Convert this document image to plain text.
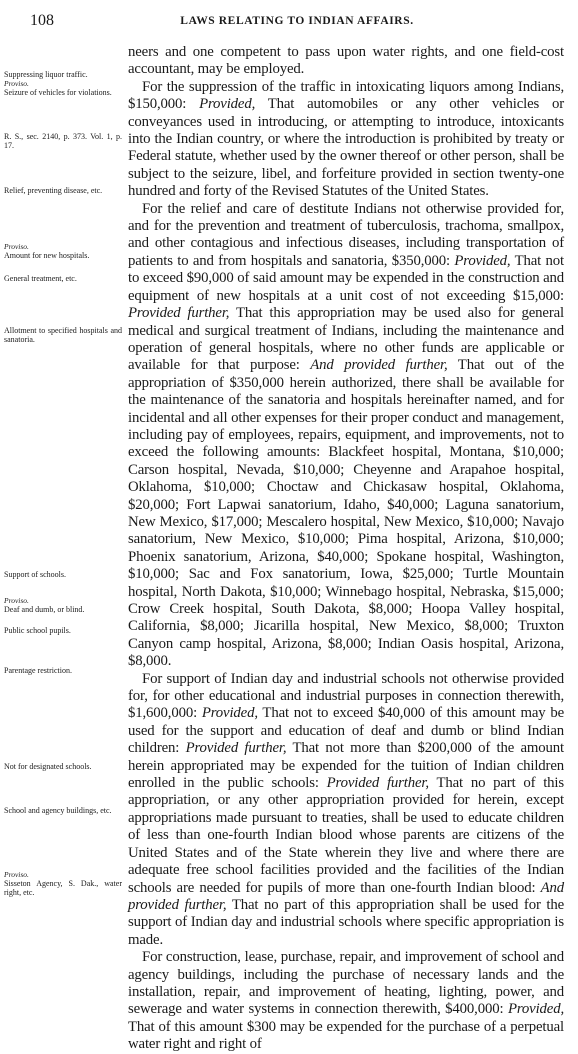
108	LAWS RELATING TO INDIAN AFFAIRS.
Suppressing liquor traffic.

Proviso.
Seizure of vehicles for violations.
R. S., sec. 2140, p. 373. Vol. 1, p. 17.
Relief, preventing disease, etc.
Proviso.
Amount for new hospitals.
General treatment, etc.
Allotment to specified hospitals and sanatoria.
Support of schools.
Proviso.
Deaf and dumb, or blind.
Public school pupils.
Parentage restriction.
Not for designated schools.
School and agency buildings, etc.
Proviso.
Sisseton Agency, S. Dak., water right, etc.

neers and one competent to pass upon water rights, and one field-cost accountant, may be employed.

For the suppression of the traffic in intoxicating liquors among Indians, $150,000: Provided, That automobiles or any other vehicles or conveyances used in introducing, or attempting to introduce, intoxicants into the Indian country, or where the introduction is prohibited by treaty or Federal statute, whether used by the owner thereof or other person, shall be subject to the seizure, libel, and forfeiture provided in section twenty-one hundred and forty of the Revised Statutes of the United States.

For the relief and care of destitute Indians not otherwise provided for, and for the prevention and treatment of tuberculosis, trachoma, smallpox, and other contagious and infectious diseases, including transportation of patients to and from hospitals and sanatoria, $350,000: Provided, That not to exceed $90,000 of said amount may be expended in the construction and equipment of new hospitals at a unit cost of not exceeding $15,000: Provided further, That this appropriation may be used also for general medical and surgical treatment of Indians, including the maintenance and operation of general hospitals, where no other funds are applicable or available for that purpose: And provided further, That out of the appropriation of $350,000 herein authorized, there shall be available for the maintenance of the sanatoria and hospitals hereinafter named, and for incidental and all other expenses for their proper conduct and management, including pay of employees, repairs, equipment, and improvements, not to exceed the following amounts: Blackfeet hospital, Montana, $10,000; Carson hospital, Nevada, $10,000; Cheyenne and Arapahoe hospital, Oklahoma, $10,000; Choctaw and Chickasaw hospital, Oklahoma, $20,000; Fort Lapwai sanatorium, Idaho, $40,000; Laguna sanatorium, New Mexico, $17,000; Mescalero hospital, New Mexico, $10,000; Navajo sanatorium, New Mexico, $10,000; Pima hospital, Arizona, $10,000; Phoenix sanatorium, Arizona, $40,000; Spokane hospital, Washington, $10,000; Sac and Fox sanatorium, Iowa, $25,000; Turtle Mountain hospital, North Dakota, $10,000; Winnebago hospital, Nebraska, $15,000; Crow Creek hospital, South Dakota, $8,000; Hoopa Valley hospital, California, $8,000; Jicarilla hospital, New Mexico, $8,000; Truxton Canyon camp hospital, Arizona, $8,000; Indian Oasis hospital, Arizona, $8,000.

For support of Indian day and industrial schools not otherwise provided for, for other educational and industrial purposes in connection therewith, $1,600,000: Provided, That not to exceed $40,000 of this amount may be used for the support and education of deaf and dumb or blind Indian children: Provided further, That not more than $200,000 of the amount herein appropriated may be expended for the tuition of Indian children enrolled in the public schools: Provided further, That no part of this appropriation, or any other appropriation provided for herein, except appropriations made pursuant to treaties, shall be used to educate children of less than one-fourth Indian blood whose parents are citizens of the United States and of the State wherein they live and where there are adequate free school facilities provided and the facilities of the Indian schools are needed for pupils of more than one-fourth Indian blood: And provided further, That no part of this appropriation shall be used for the support of Indian day and industrial schools where specific appropriation is made.

For construction, lease, purchase, repair, and improvement of school and agency buildings, including the purchase of necessary lands and the installation, repair, and improvement of heating, lighting, power, and sewerage and water systems in connection therewith, $400,000: Provided, That of this amount $300 may be expended for the purchase of a perpetual water right and right of
